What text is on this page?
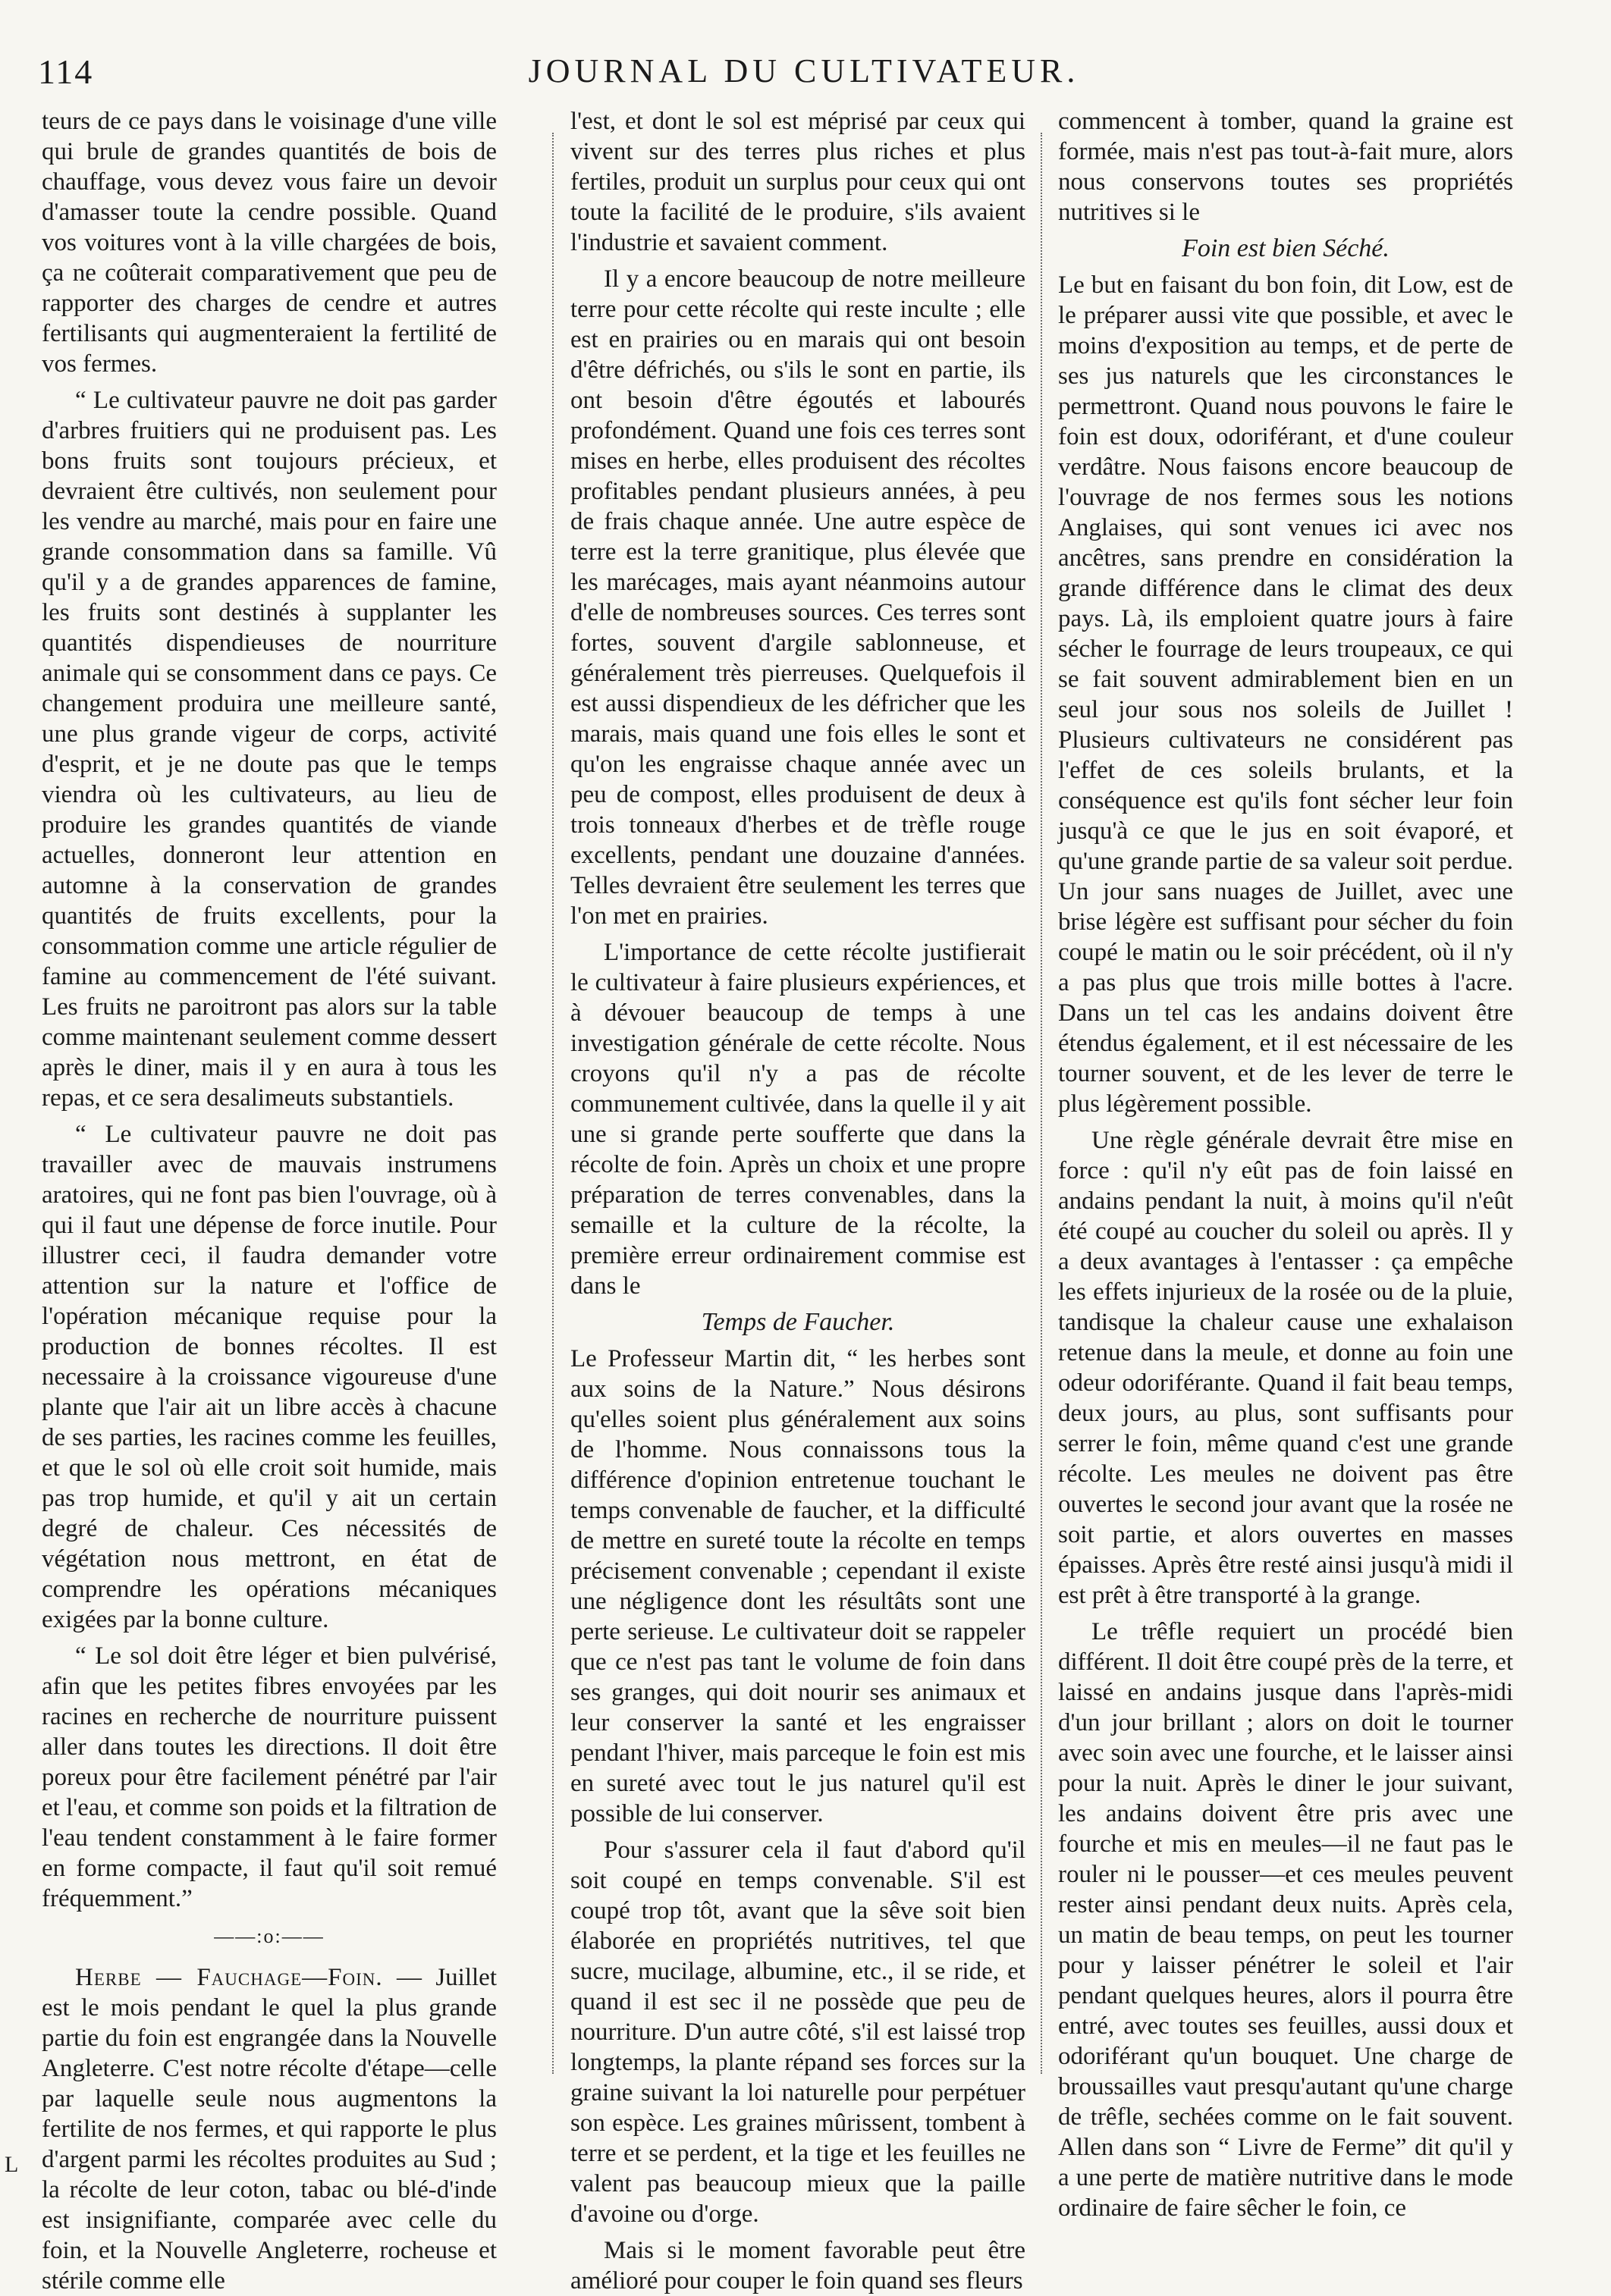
114	JOURNAL DU CULTIVATEUR.

teurs de ce pays dans le voisinage d'une ville qui brule de grandes quantités de bois de chauffage, vous devez vous faire un devoir d'amasser toute la cendre possible. Quand vos voitures vont à la ville chargées de bois, ça ne coûterait comparativement que peu de rapporter des charges de cendre et autres fertilisants qui augmenteraient la fertilité de vos fermes.

“ Le cultivateur pauvre ne doit pas garder d'arbres fruitiers qui ne produisent pas. Les bons fruits sont toujours précieux, et devraient être cultivés, non seulement pour les vendre au marché, mais pour en faire une grande consommation dans sa famille. Vû qu'il y a de grandes apparences de famine, les fruits sont destinés à supplanter les quantités dispendieuses de nourriture animale qui se consomment dans ce pays. Ce changement produira une meilleure santé, une plus grande vigeur de corps, activité d'esprit, et je ne doute pas que le temps viendra où les cultivateurs, au lieu de produire les grandes quantités de viande actuelles, donneront leur attention en automne à la conservation de grandes quantités de fruits excellents, pour la consommation comme une article régulier de famine au commencement de l'été suivant. Les fruits ne paroitront pas alors sur la table comme maintenant seulement comme dessert après le diner, mais il y en aura à tous les repas, et ce sera desalimeuts substantiels.

“ Le cultivateur pauvre ne doit pas travailler avec de mauvais instrumens aratoires, qui ne font pas bien l'ouvrage, où à qui il faut une dépense de force inutile. Pour illustrer ceci, il faudra demander votre attention sur la nature et l'office de l'opération mécanique requise pour la production de bonnes récoltes. Il est necessaire à la croissance vigoureuse d'une plante que l'air ait un libre accès à chacune de ses parties, les racines comme les feuilles, et que le sol où elle croit soit humide, mais pas trop humide, et qu'il y ait un certain degré de chaleur. Ces nécessités de végétation nous mettront, en état de comprendre les opérations mécaniques exigées par la bonne culture.

“ Le sol doit être léger et bien pulvérisé, afin que les petites fibres envoyées par les racines en recherche de nourriture puissent aller dans toutes les directions. Il doit être poreux pour être facilement pénétré par l'air et l'eau, et comme son poids et la filtration de l'eau tendent constamment à le faire former en forme compacte, il faut qu'il soit remué fréquemment.”

——:o:——

Herbe — Fauchage—Foin. — Juillet est le mois pendant le quel la plus grande partie du foin est engrangée dans la Nouvelle Angleterre. C'est notre récolte d'étape—celle par laquelle seule nous augmentons la fertilite de nos fermes, et qui rapporte le plus d'argent parmi les récoltes produites au Sud ; la récolte de leur coton, tabac ou blé-d'inde est insignifiante, comparée avec celle du foin, et la Nouvelle Angleterre, rocheuse et stérile comme elle

l'est, et dont le sol est méprisé par ceux qui vivent sur des terres plus riches et plus fertiles, produit un surplus pour ceux qui ont toute la facilité de le produire, s'ils avaient l'industrie et savaient comment.

Il y a encore beaucoup de notre meilleure terre pour cette récolte qui reste inculte ; elle est en prairies ou en marais qui ont besoin d'être défrichés, ou s'ils le sont en partie, ils ont besoin d'être égoutés et labourés profondément. Quand une fois ces terres sont mises en herbe, elles produisent des récoltes profitables pendant plusieurs années, à peu de frais chaque année. Une autre espèce de terre est la terre granitique, plus élevée que les marécages, mais ayant néanmoins autour d'elle de nombreuses sources. Ces terres sont fortes, souvent d'argile sablonneuse, et généralement très pierreuses. Quelquefois il est aussi dispendieux de les défricher que les marais, mais quand une fois elles le sont et qu'on les engraisse chaque année avec un peu de compost, elles produisent de deux à trois tonneaux d'herbes et de trèfle rouge excellents, pendant une douzaine d'années. Telles devraient être seulement les terres que l'on met en prairies.

L'importance de cette récolte justifierait le cultivateur à faire plusieurs expériences, et à dévouer beaucoup de temps à une investigation générale de cette récolte. Nous croyons qu'il n'y a pas de récolte communement cultivée, dans la quelle il y ait une si grande perte soufferte que dans la récolte de foin. Après un choix et une propre préparation de terres convenables, dans la semaille et la culture de la récolte, la première erreur ordinairement commise est dans le

Temps de Faucher.

Le Professeur Martin dit, “ les herbes sont aux soins de la Nature.” Nous désirons qu'elles soient plus généralement aux soins de l'homme. Nous connaissons tous la différence d'opinion entretenue touchant le temps convenable de faucher, et la difficulté de mettre en sureté toute la récolte en temps précisement convenable ; cependant il existe une négligence dont les résultâts sont une perte serieuse. Le cultivateur doit se rappeler que ce n'est pas tant le volume de foin dans ses granges, qui doit nourir ses animaux et leur conserver la santé et les engraisser pendant l'hiver, mais parceque le foin est mis en sureté avec tout le jus naturel qu'il est possible de lui conserver.

Pour s'assurer cela il faut d'abord qu'il soit coupé en temps convenable. S'il est coupé trop tôt, avant que la sêve soit bien élaborée en propriétés nutritives, tel que sucre, mucilage, albumine, etc., il se ride, et quand il est sec il ne possède que peu de nourriture. D'un autre côté, s'il est laissé trop longtemps, la plante répand ses forces sur la graine suivant la loi naturelle pour perpétuer son espèce. Les graines mûrissent, tombent à terre et se perdent, et la tige et les feuilles ne valent pas beaucoup mieux que la paille d'avoine ou d'orge.

Mais si le moment favorable peut être amélioré pour couper le foin quand ses fleurs

commencent à tomber, quand la graine est formée, mais n'est pas tout-à-fait mure, alors nous conservons toutes ses propriétés nutritives si le

Foin est bien Séché.

Le but en faisant du bon foin, dit Low, est de le préparer aussi vite que possible, et avec le moins d'exposition au temps, et de perte de ses jus naturels que les circonstances le permettront. Quand nous pouvons le faire le foin est doux, odoriférant, et d'une couleur verdâtre. Nous faisons encore beaucoup de l'ouvrage de nos fermes sous les notions Anglaises, qui sont venues ici avec nos ancêtres, sans prendre en considération la grande différence dans le climat des deux pays. Là, ils emploient quatre jours à faire sécher le fourrage de leurs troupeaux, ce qui se fait souvent admirablement bien en un seul jour sous nos soleils de Juillet ! Plusieurs cultivateurs ne considérent pas l'effet de ces soleils brulants, et la conséquence est qu'ils font sécher leur foin jusqu'à ce que le jus en soit évaporé, et qu'une grande partie de sa valeur soit perdue. Un jour sans nuages de Juillet, avec une brise légère est suffisant pour sécher du foin coupé le matin ou le soir précédent, où il n'y a pas plus que trois mille bottes à l'acre. Dans un tel cas les andains doivent être étendus également, et il est nécessaire de les tourner souvent, et de les lever de terre le plus légèrement possible.

Une règle générale devrait être mise en force : qu'il n'y eût pas de foin laissé en andains pendant la nuit, à moins qu'il n'eût été coupé au coucher du soleil ou après. Il y a deux avantages à l'entasser : ça empêche les effets injurieux de la rosée ou de la pluie, tandisque la chaleur cause une exhalaison retenue dans la meule, et donne au foin une odeur odoriférante. Quand il fait beau temps, deux jours, au plus, sont suffisants pour serrer le foin, même quand c'est une grande récolte. Les meules ne doivent pas être ouvertes le second jour avant que la rosée ne soit partie, et alors ouvertes en masses épaisses. Après être resté ainsi jusqu'à midi il est prêt à être transporté à la grange.

Le trêfle requiert un procédé bien différent. Il doit être coupé près de la terre, et laissé en andains jusque dans l'après-midi d'un jour brillant ; alors on doit le tourner avec soin avec une fourche, et le laisser ainsi pour la nuit. Après le diner le jour suivant, les andains doivent être pris avec une fourche et mis en meules—il ne faut pas le rouler ni le pousser—et ces meules peuvent rester ainsi pendant deux nuits. Après cela, un matin de beau temps, on peut les tourner pour y laisser pénétrer le soleil et l'air pendant quelques heures, alors il pourra être entré, avec toutes ses feuilles, aussi doux et odoriférant qu'un bouquet. Une charge de broussailles vaut presqu'autant qu'une charge de trêfle, sechées comme on le fait souvent. Allen dans son “ Livre de Ferme” dit qu'il y a une perte de matière nutritive dans le mode ordinaire de faire sêcher le foin, ce

L
